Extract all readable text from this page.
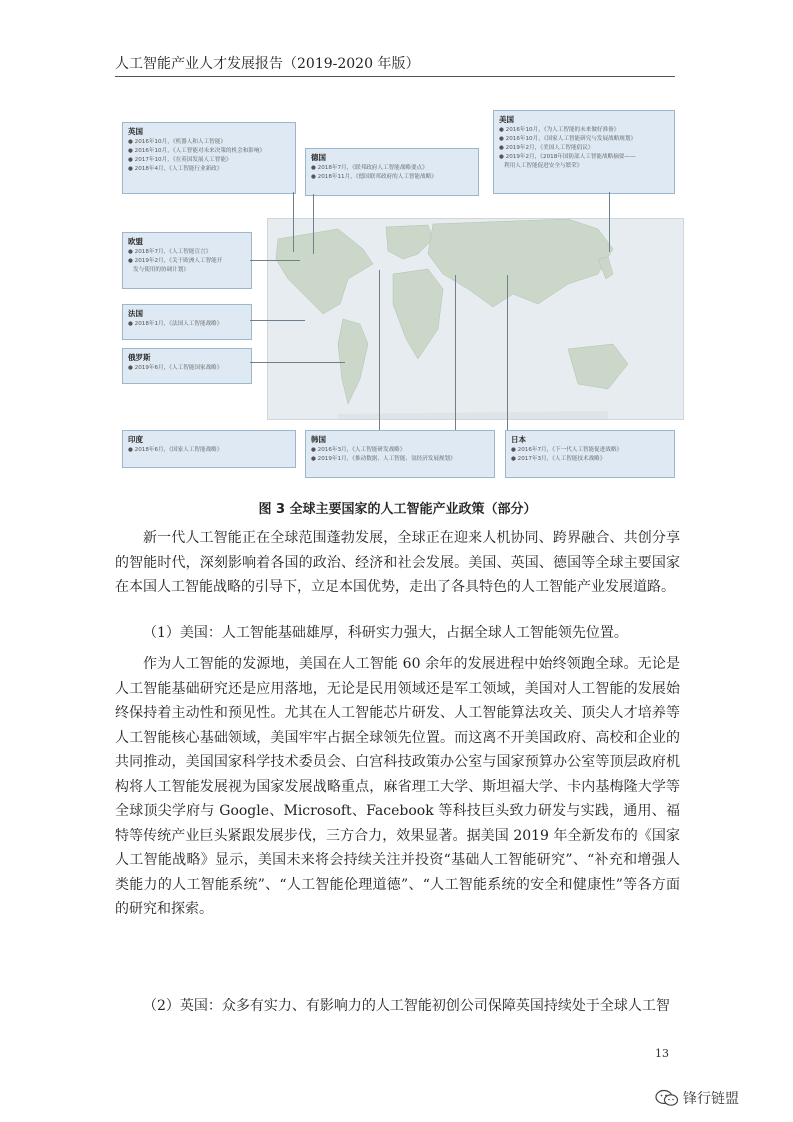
人工智能产业人才发展报告（2019-2020 年版）
英国
● 2016年10月，《机器人和人工智能》
● 2016年10月，《人工智能对未来决策的机会和影响》
● 2017年10月，《在英国发展人工智能》
● 2018年4月，《人工智能行业新政》
德国
● 2018年7月，《联邦政府人工智能战略要点》
● 2018年11月，《德国联邦政府的人工智能战略》
美国
● 2016年10月，《为人工智能的未来做好准备》
● 2016年10月，《国家人工智能研究与发展战略规划》
● 2019年2月，《美国人工智能倡议》
● 2019年2月，《2018年国防部人工智能战略摘要——
利用人工智能促进安全与繁荣》
欧盟
● 2018年7月，《人工智能宣言》
● 2019年2月，《关于欧洲人工智能开
发与使用的协调计划》
法国
● 2018年1月，《法国人工智能战略》
俄罗斯
● 2019年6月，《人工智能国家战略》
印度
● 2018年6月，《国家人工智能战略》
韩国
● 2016年3月，《人工智能研发战略》
● 2019年1月，《推动数据、人工智能、氢经济发展规划》
日本
● 2016年7月，《下一代人工智能促进战略》
● 2017年3月，《人工智能技术战略》
图 3 全球主要国家的人工智能产业政策（部分）
新一代人工智能正在全球范围蓬勃发展，全球正在迎来人机协同、跨界融合、共创分享的智能时代，深刻影响着各国的政治、经济和社会发展。美国、英国、德国等全球主要国家在本国人工智能战略的引导下，立足本国优势，走出了各具特色的人工智能产业发展道路。
（1）美国：人工智能基础雄厚，科研实力强大，占据全球人工智能领先位置。
作为人工智能的发源地，美国在人工智能 60 余年的发展进程中始终领跑全球。无论是人工智能基础研究还是应用落地，无论是民用领域还是军工领域，美国对人工智能的发展始终保持着主动性和预见性。尤其在人工智能芯片研发、人工智能算法攻关、顶尖人才培养等人工智能核心基础领域，美国牢牢占据全球领先位置。而这离不开美国政府、高校和企业的共同推动，美国国家科学技术委员会、白宫科技政策办公室与国家预算办公室等顶层政府机构将人工智能发展视为国家发展战略重点，麻省理工大学、斯坦福大学、卡内基梅隆大学等全球顶尖学府与 Google、Microsoft、Facebook 等科技巨头致力研发与实践，通用、福特等传统产业巨头紧跟发展步伐，三方合力，效果显著。据美国 2019 年全新发布的《国家人工智能战略》显示，美国未来将会持续关注并投资“基础人工智能研究”、“补充和增强人类能力的人工智能系统”、“人工智能伦理道德”、“人工智能系统的安全和健康性”等各方面的研究和探索。
（2）英国：众多有实力、有影响力的人工智能初创公司保障英国持续处于全球人工智
13
锋行链盟
